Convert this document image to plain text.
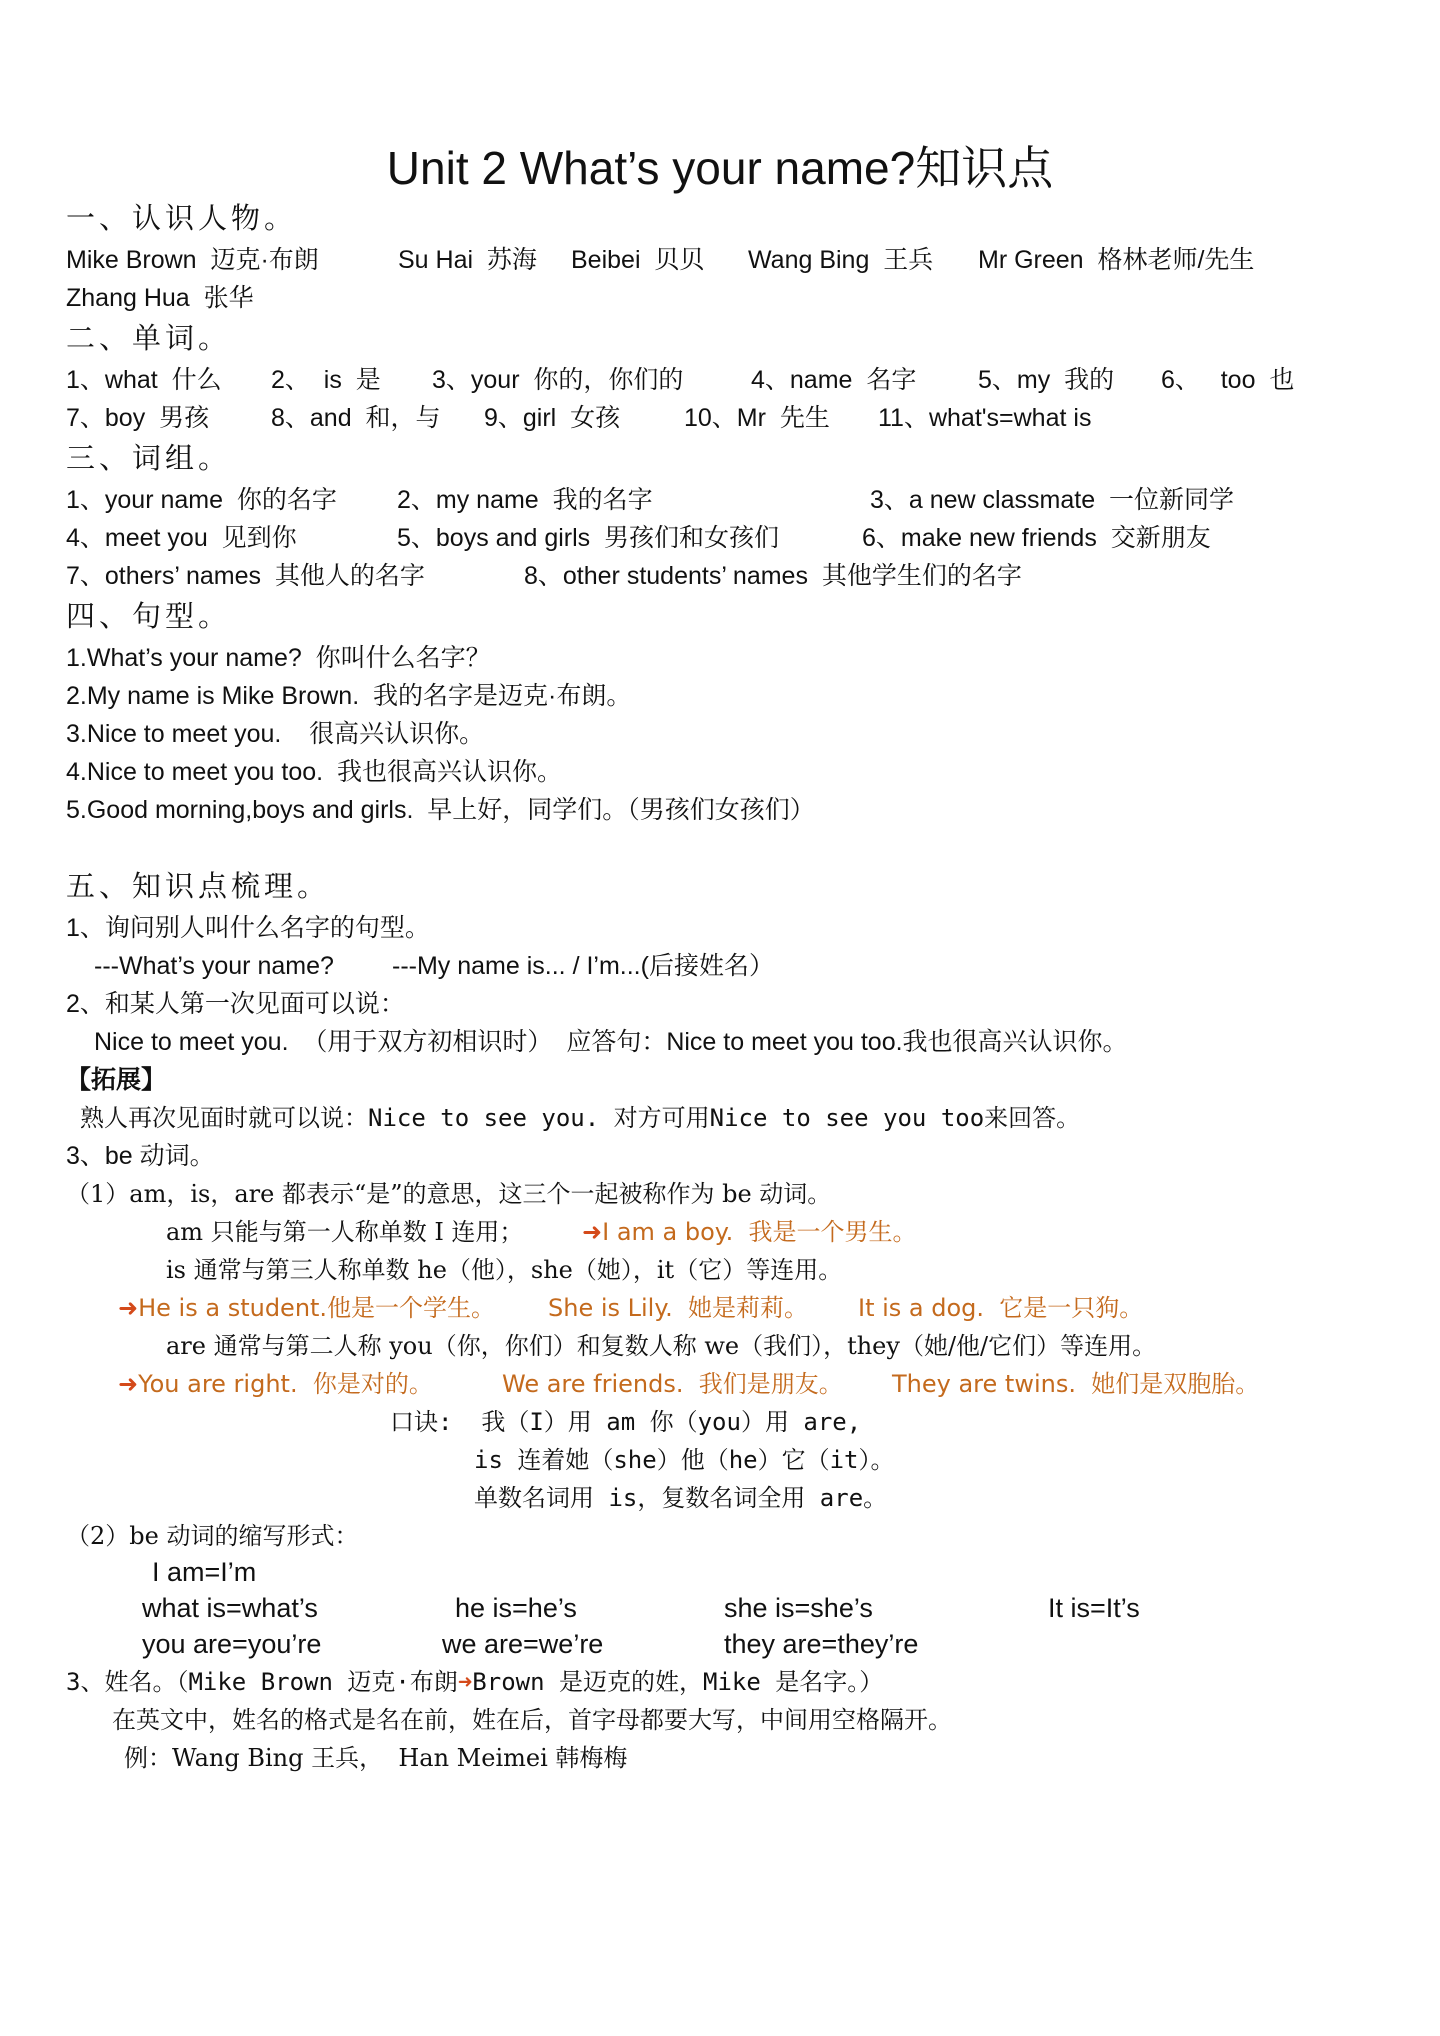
Unit 2 What’s your name?知识点
一、认识人物。

Mike Brown  迈克·布朗

	Su Hai  苏海

Beibei  贝贝

Wang Bing  王兵

Mr Green  格林老师/先生

Zhang Hua  张华
二、单词。

1、what  什么

2、  is  是

3、your  你的，你们的

	4、name  名字

5、my  我的

6、   too  也

7、boy  男孩

8、and  和，与

9、girl  女孩

	10、Mr  先生

11、what's=what is

三、词组。

1、your name  你的名字

2、my name  我的名字

	3、a new classmate  一位新同学

4、meet you  见到你

	5、boys and girls  男孩们和女孩们

	6、make new friends  交新朋友

7、others’ names  其他人的名字

	8、other students’ names  其他学生们的名字

四、句型。
1.What’s your name?  你叫什么名字？
2.My name is Mike Brown.  我的名字是迈克·布朗。
3.Nice to meet you.    很高兴认识你。
4.Nice to meet you too.  我也很高兴认识你。
5.Good morning,boys and girls.  早上好，同学们。（男孩们女孩们）
五、知识点梳理。
1、询问别人叫什么名字的句型。
---What’s your name? ---My name is... / I’m...(后接姓名）
2、和某人第一次见面可以说：
Nice to meet you.  （用于双方初相识时）  应答句：Nice to meet you too.我也很高兴认识你。
【拓展】
熟人再次见面时就可以说：Nice to see you. 对方可用Nice to see you too来回答。
3、be 动词。
（1）am，is，are 都表示“是”的意思，这三个一起被称作为 be 动词。
am 只能与第一人称单数 I 连用； ➜I am a boy.  我是一个男生。
is 通常与第三人称单数 he（他），she（她），it（它）等连用。

➜He is a student.他是一个学生。

She is Lily.  她是莉莉。

It is a dog.  它是一只狗。

are 通常与第二人称 you（你，你们）和复数人称 we（我们），they（她/他/它们）等连用。

➜You are right.  你是对的。

	We are friends.  我们是朋友。

They are twins.  她们是双胞胎。

口诀:  我（I）用 am 你（you）用 are,
is 连着她（she）他（he）它（it）。
单数名词用 is，复数名词全用 are。
（2）be 动词的缩写形式：
I am=I’m

what is=what’s

	he is=he’s

	she is=she’s

	It is=It’s

you are=you’re

	we are=we’re

	they are=they’re

3、姓名。（Mike Brown 迈克·布朗➜Brown 是迈克的姓，Mike 是名字。）
在英文中，姓名的格式是名在前，姓在后，首字母都要大写，中间用空格隔开。
例：Wang Bing 王兵，  Han Meimei 韩梅梅
